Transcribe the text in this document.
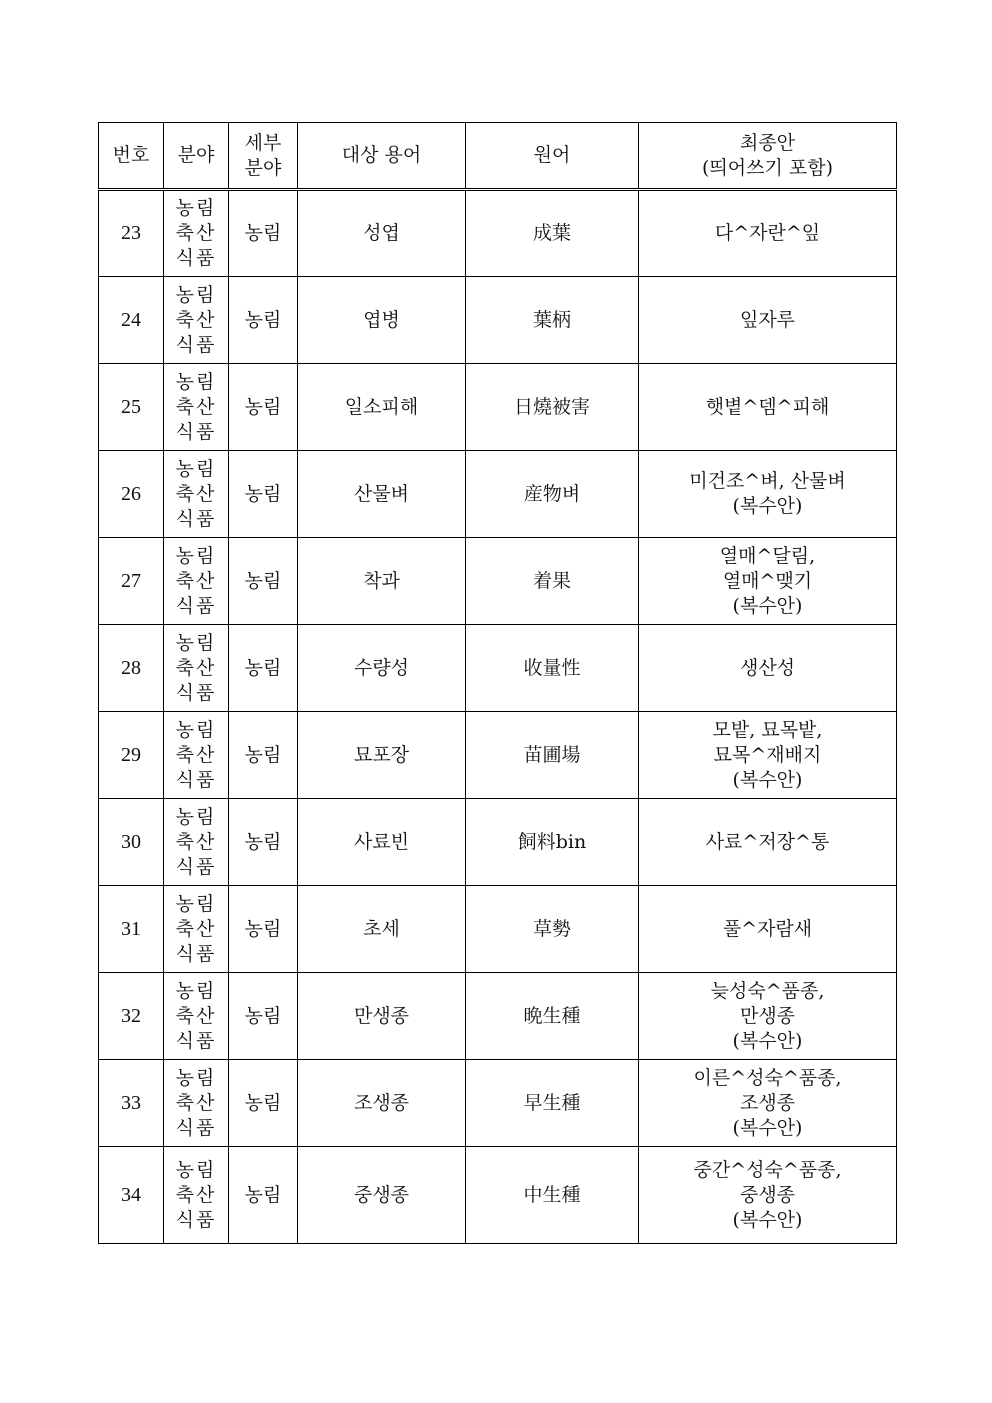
번호	분야	세부
분야	대상 용어	원어	최종안
(띄어쓰기 포함)

23	농림
축산
식품	농림	성엽	成葉	다^자란^잎

24	농림
축산
식품	농림	엽병	葉柄	잎자루

25	농림
축산
식품	농림	일소피해	日燒被害	햇볕^뎀^피해

26	농림
축산
식품	농림	산물벼	産物벼	미건조^벼, 산물벼
(복수안)

27	농림
축산
식품	농림	착과	着果	열매^달림,
열매^맺기
(복수안)

28	농림
축산
식품	농림	수량성	收量性	생산성

29	농림
축산
식품	농림	묘포장	苗圃場	모밭, 묘목밭,
묘목^재배지
(복수안)

30	농림
축산
식품	농림	사료빈	飼料bin	사료^저장^통

31	농림
축산
식품	농림	초세	草勢	풀^자람새

32	농림
축산
식품	농림	만생종	晩生種	늦성숙^품종,
만생종
(복수안)

33	농림
축산
식품	농림	조생종	早生種	이른^성숙^품종,
조생종
(복수안)

34	농림
축산
식품	농림	중생종	中生種	중간^성숙^품종,
중생종
(복수안)
